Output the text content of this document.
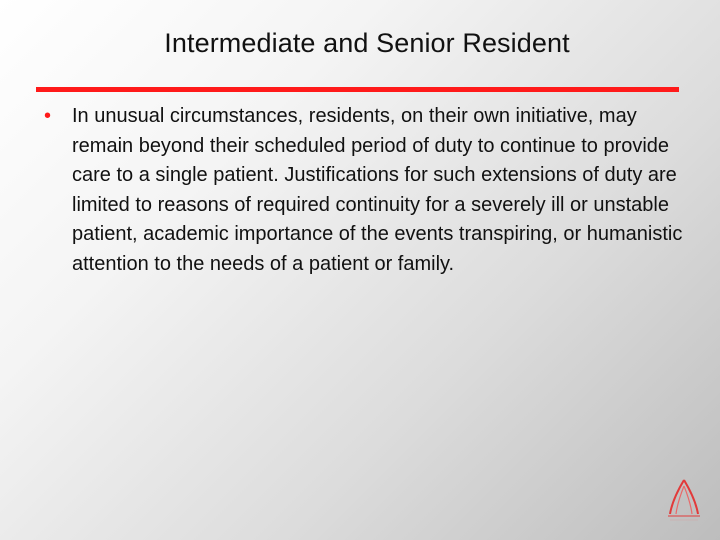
Intermediate and Senior Resident
• In unusual circumstances, residents, on their own initiative, may remain beyond their scheduled period of duty to continue to provide care to a single patient. Justifications for such extensions of duty are limited to reasons of required continuity for a severely ill or unstable patient, academic importance of the events transpiring, or humanistic attention to the needs of a patient or family.
